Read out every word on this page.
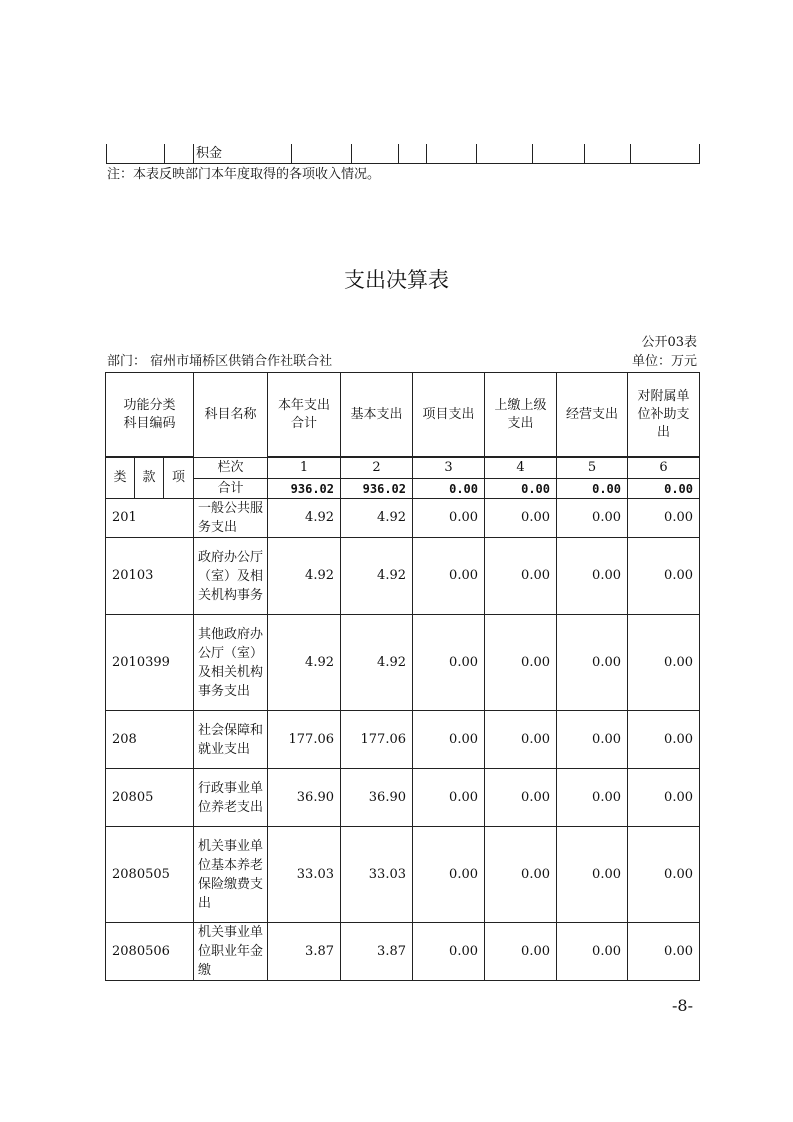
		积金								
注：本表反映部门本年度取得的各项收入情况。
支出决算表
公开03表
部门： 宿州市埇桥区供销合作社联合社	单位：万元
功能分类科目编码	科目名称	本年支出合计	基本支出	项目支出	上缴上级支出	经营支出	对附属单位补助支出

类	款	项	栏次	1	2	3	4	5	6
			合计	936.02	936.02	0.00	0.00	0.00	0.00
201			一般公共服务支出	4.92	4.92	0.00	0.00	0.00	0.00
20103			政府办公厅（室）及相关机构事务	4.92	4.92	0.00	0.00	0.00	0.00
2010399			其他政府办公厅（室）及相关机构事务支出	4.92	4.92	0.00	0.00	0.00	0.00
208			社会保障和就业支出	177.06	177.06	0.00	0.00	0.00	0.00
20805			行政事业单位养老支出	36.90	36.90	0.00	0.00	0.00	0.00
2080505			机关事业单位基本养老保险缴费支出	33.03	33.03	0.00	0.00	0.00	0.00
2080506			机关事业单位职业年金缴	3.87	3.87	0.00	0.00	0.00	0.00
-8-
